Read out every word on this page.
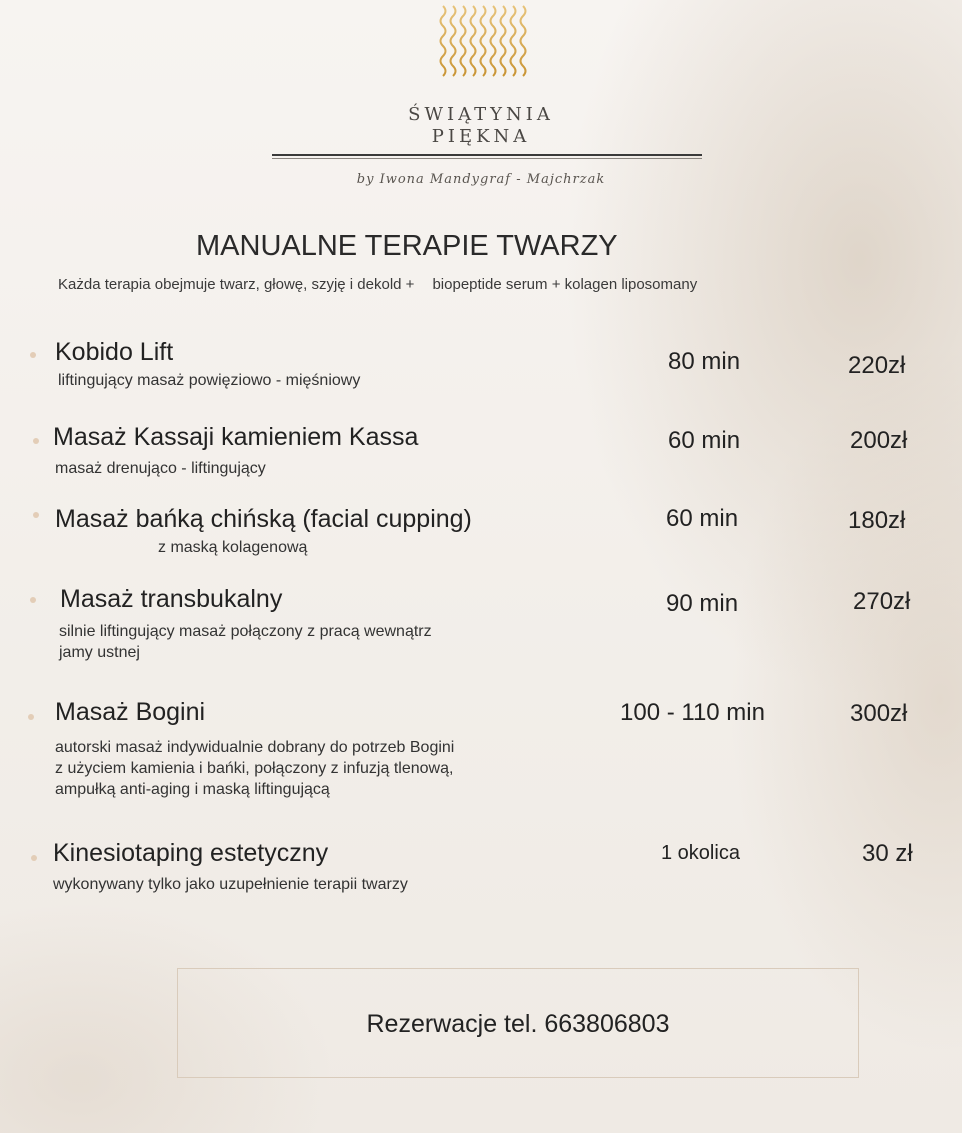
ŚWIĄTYNIA
PIĘKNA
by Iwona Mandygraf - Majchrzak
MANUALNE TERAPIE TWARZY
Każda terapia obejmuje twarz, głowę, szyję i dekold + biopeptide serum + kolagen liposomany
Kobido Lift
liftingujący masaż powięziowo - mięśniowy
80 min	220zł
Masaż Kassaji kamieniem Kassa
masaż drenująco - liftingujący
60 min	200zł
Masaż bańką chińską (facial cupping)
z maską kolagenową
60 min	180zł
Masaż transbukalny
silnie liftingujący masaż połączony z pracą wewnątrz
jamy ustnej
90 min	270zł
Masaż Bogini
autorski masaż indywidualnie dobrany do potrzeb Bogini
z użyciem kamienia i bańki, połączony z infuzją tlenową,
ampułką anti-aging i maską liftingującą
100 - 110 min	300zł
Kinesiotaping estetyczny
wykonywany tylko jako uzupełnienie terapii twarzy
1 okolica	30 zł
Rezerwacje tel. 663806803
